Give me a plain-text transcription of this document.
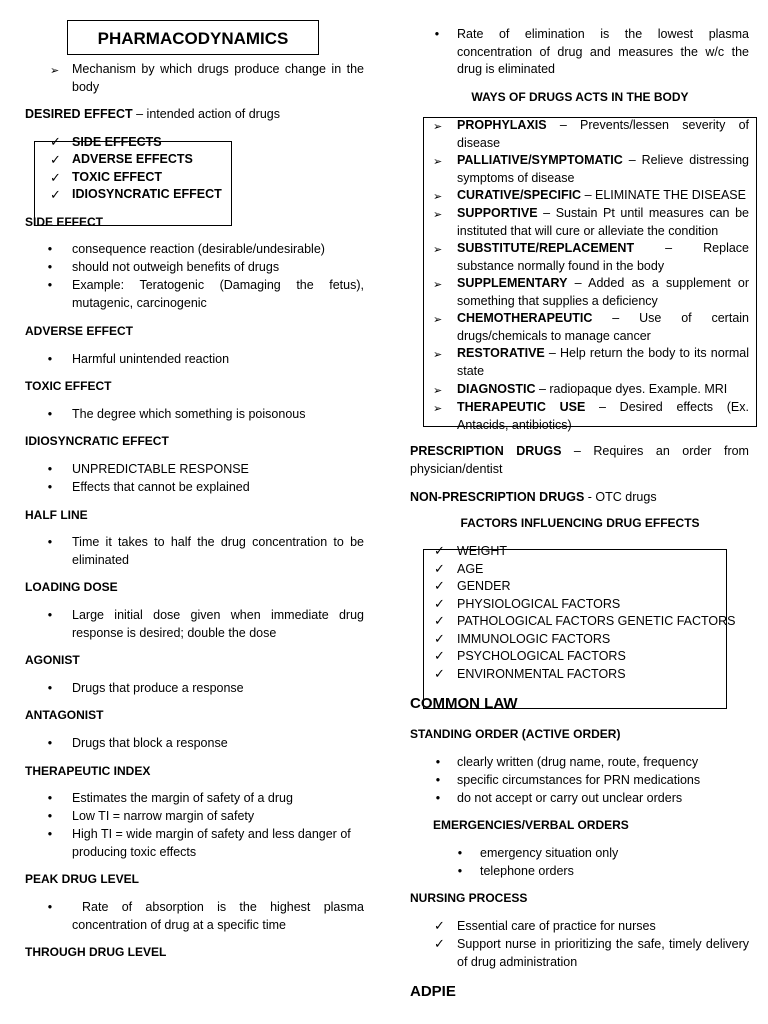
PHARMACODYNAMICS
➢ Mechanism by which drugs produce change in the body
DESIRED EFFECT – intended action of drugs
✓ SIDE EFFECTS
✓ ADVERSE EFFECTS
✓ TOXIC EFFECT
✓ IDIOSYNCRATIC EFFECT
SIDE EFFECT
• consequence reaction (desirable/undesirable)
• should not outweigh benefits of drugs
• Example: Teratogenic (Damaging the fetus), mutagenic, carcinogenic
ADVERSE EFFECT
• Harmful unintended reaction
TOXIC EFFECT
• The degree which something is poisonous
IDIOSYNCRATIC EFFECT
• UNPREDICTABLE RESPONSE
• Effects that cannot be explained
HALF LINE
• Time it takes to half the drug concentration to be eliminated
LOADING DOSE
• Large initial dose given when immediate drug response is desired; double the dose
AGONIST
• Drugs that produce a response
ANTAGONIST
• Drugs that block a response
THERAPEUTIC INDEX
• Estimates the margin of safety of a drug
• Low TI = narrow margin of safety
• High TI = wide margin of safety and less danger of producing toxic effects
PEAK DRUG LEVEL
•	Rate of absorption is the highest plasma concentration of drug at a specific time
THROUGH DRUG LEVEL
• Rate of elimination is the lowest plasma concentration of drug and measures the w/c the drug is eliminated
WAYS OF DRUGS ACTS IN THE BODY
➢ PROPHYLAXIS – Prevents/lessen severity of disease
➢ PALLIATIVE/SYMPTOMATIC – Relieve distressing symptoms of disease
➢ CURATIVE/SPECIFIC – ELIMINATE THE DISEASE
➢ SUPPORTIVE – Sustain Pt until measures can be instituted that will cure or alleviate the condition
➢ SUBSTITUTE/REPLACEMENT – Replace substance normally found in the body
➢ SUPPLEMENTARY – Added as a supplement or something that supplies a deficiency
➢ CHEMOTHERAPEUTIC – Use of certain drugs/chemicals to manage cancer
➢ RESTORATIVE – Help return the body to its normal state
➢ DIAGNOSTIC – radiopaque dyes. Example. MRI
➢ THERAPEUTIC USE – Desired effects (Ex. Antacids, antibiotics)
PRESCRIPTION DRUGS – Requires an order from physician/dentist
NON-PRESCRIPTION DRUGS - OTC drugs
FACTORS INFLUENCING DRUG EFFECTS
✓ WEIGHT
✓ AGE
✓ GENDER
✓ PHYSIOLOGICAL FACTORS
✓ PATHOLOGICAL FACTORS GENETIC FACTORS
✓ IMMUNOLOGIC FACTORS
✓ PSYCHOLOGICAL FACTORS
✓ ENVIRONMENTAL FACTORS
COMMON LAW
STANDING ORDER (ACTIVE ORDER)
• clearly written (drug name, route, frequency
• specific circumstances for PRN medications
• do not accept or carry out unclear orders
EMERGENCIES/VERBAL ORDERS
• emergency situation only
• telephone orders
NURSING PROCESS
✓ Essential care of practice for nurses
✓ Support nurse in prioritizing the safe, timely delivery of drug administration
ADPIE
